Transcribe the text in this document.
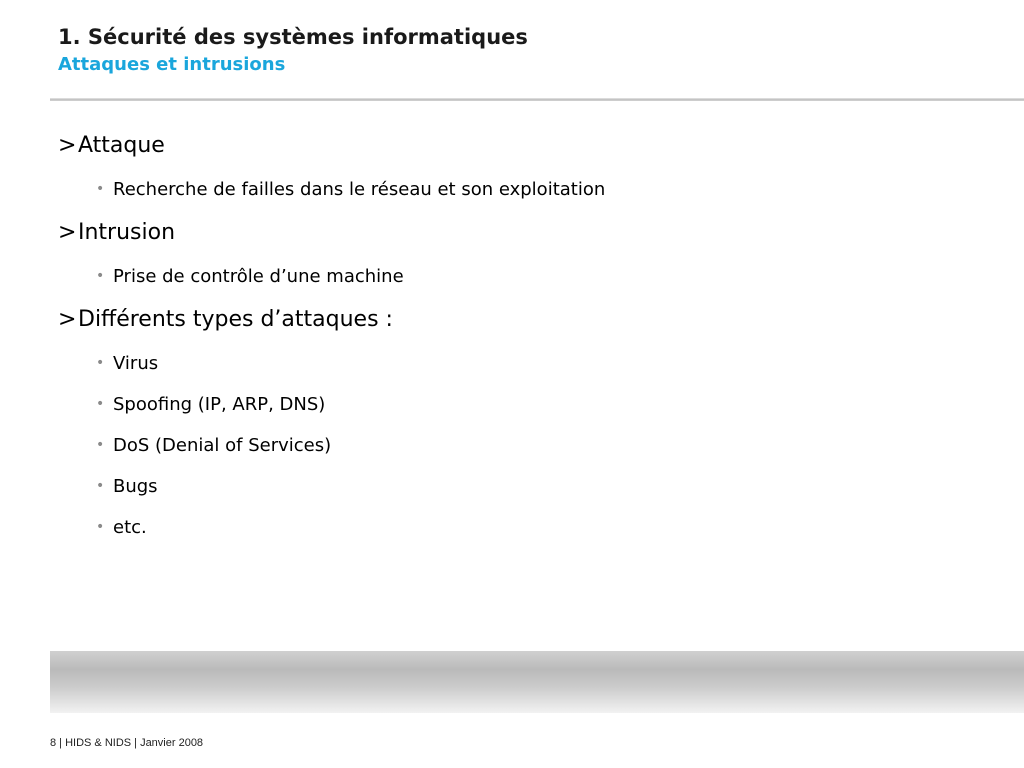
1. Sécurité des systèmes informatiques
Attaques et intrusions
>Attaque
• Recherche de failles dans le réseau et son exploitation
>Intrusion
• Prise de contrôle d’une machine
>Différents types d’attaques :
• Virus
• Spoofing (IP, ARP, DNS)
• DoS (Denial of Services)
• Bugs
• etc.
8 | HIDS & NIDS | Janvier 2008
